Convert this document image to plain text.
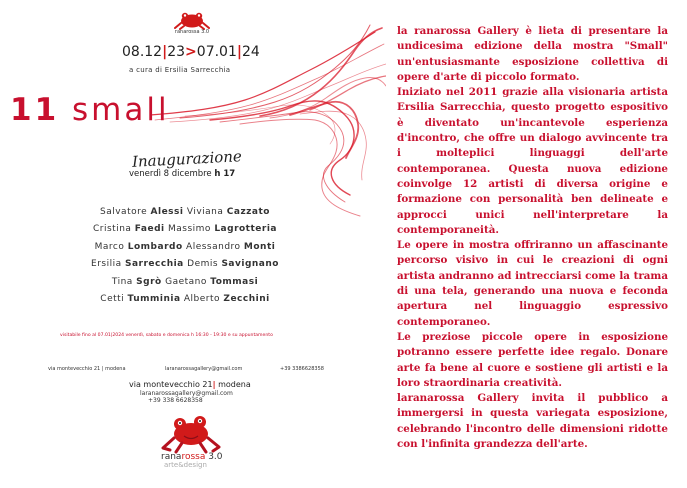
ranarossa 3.0
08.12|23>07.01|24
a cura di Ersilia Sarrecchia
11 small
Inaugurazione
venerdì 8 dicembre h 17
Salvatore Alessi Viviana Cazzato
Cristina Faedi Massimo Lagrotteria
Marco Lombardo Alessandro Monti
Ersilia Sarrecchia Demis Savignano
Tina Sgrò Gaetano Tommasi
Cetti Tumminia Alberto Zecchini
visitabile fino al 07.01|2024 venerdì, sabato e domenica h 16:30 - 19:30 e su appuntamento
via montevecchio 21 | modena	laranarossagallery@gmail.com	+39 3386628358
via montevecchio 21| modena
laranarossagallery@gmail.com
+39 338 6628358
ranarossa 3.0
arte&design

la ranarossa Gallery è lieta di presentare la undicesima edizione della mostra "Small" un'entusiasmante esposizione collettiva di opere d'arte di piccolo formato.

Iniziato nel 2011 grazie alla visionaria artista Ersilia Sarrecchia, questo progetto espositivo è diventato un'incantevole esperienza d'incontro, che offre un dialogo avvincente tra i molteplici linguaggi dell'arte contemporanea. Questa nuova edizione coinvolge 12 artisti di diversa origine e formazione con personalità ben delineate e approcci unici nell'interpretare la contemporaneità.

Le opere in mostra offriranno un affascinante percorso visivo in cui le creazioni di ogni artista andranno ad intrecciarsi come la trama di una tela, generando una nuova e feconda apertura nel linguaggio espressivo contemporaneo.

Le preziose piccole opere in esposizione potranno essere perfette idee regalo. Donare arte fa bene al cuore e sostiene gli artisti e la loro straordinaria creatività.

laranarossa Gallery invita il pubblico a immergersi in questa variegata esposizione, celebrando l'incontro delle dimensioni ridotte con l'infinita grandezza dell'arte.
